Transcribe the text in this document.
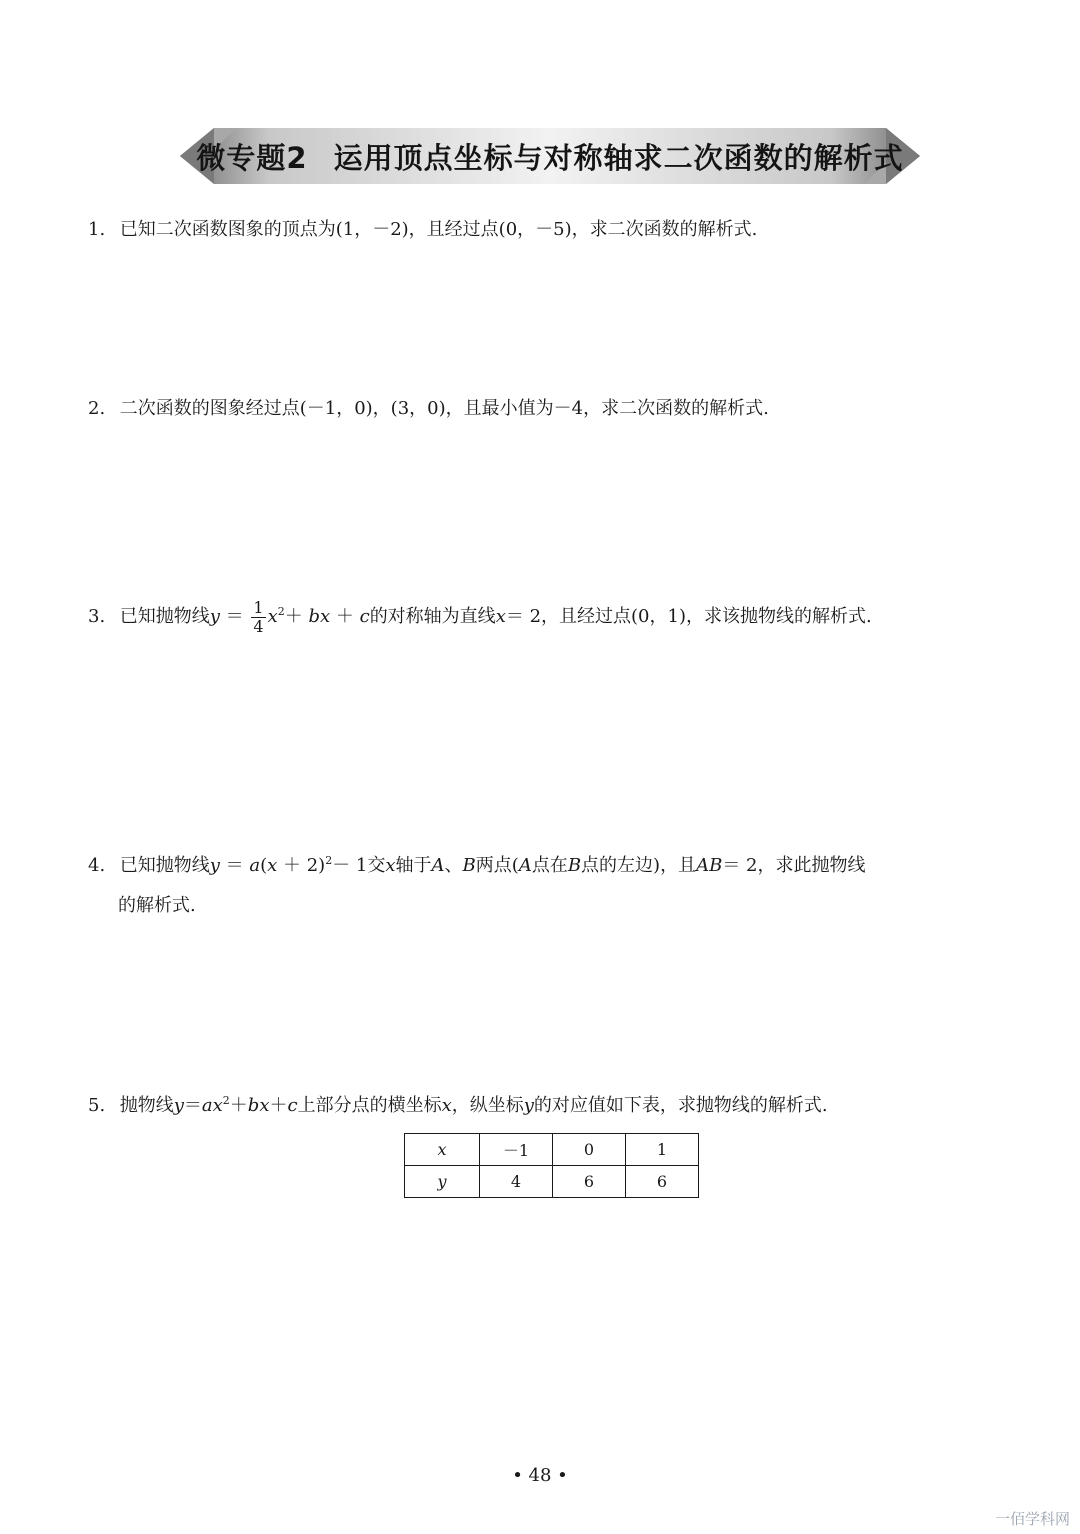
微专题2 运用顶点坐标与对称轴求二次函数的解析式
1. 已知二次函数图象的顶点为(1，－2)，且经过点(0，－5)，求二次函数的解析式.
2. 二次函数的图象经过点(－1，0)，(3，0)，且最小值为－4，求二次函数的解析式.
3. 已知抛物线$y = \frac{1}{4} x^2+$ bx ＋ c的对称轴为直线x＝ 2，且经过点(0，1)，求该抛物线的解析式.
4. 已知抛物线$y = a(x + 2)^2- 1$交x轴于A、B两点(A点在B点的左边)，且AB＝ 2，求此抛物线
的解析式.
5. 抛物线$y=ax^2+bx+c$上部分点的横坐标x，纵坐标y的对应值如下表，求抛物线的解析式.
x	－1	0	1
y	4	6	6
• 48 •
一佰学科网
